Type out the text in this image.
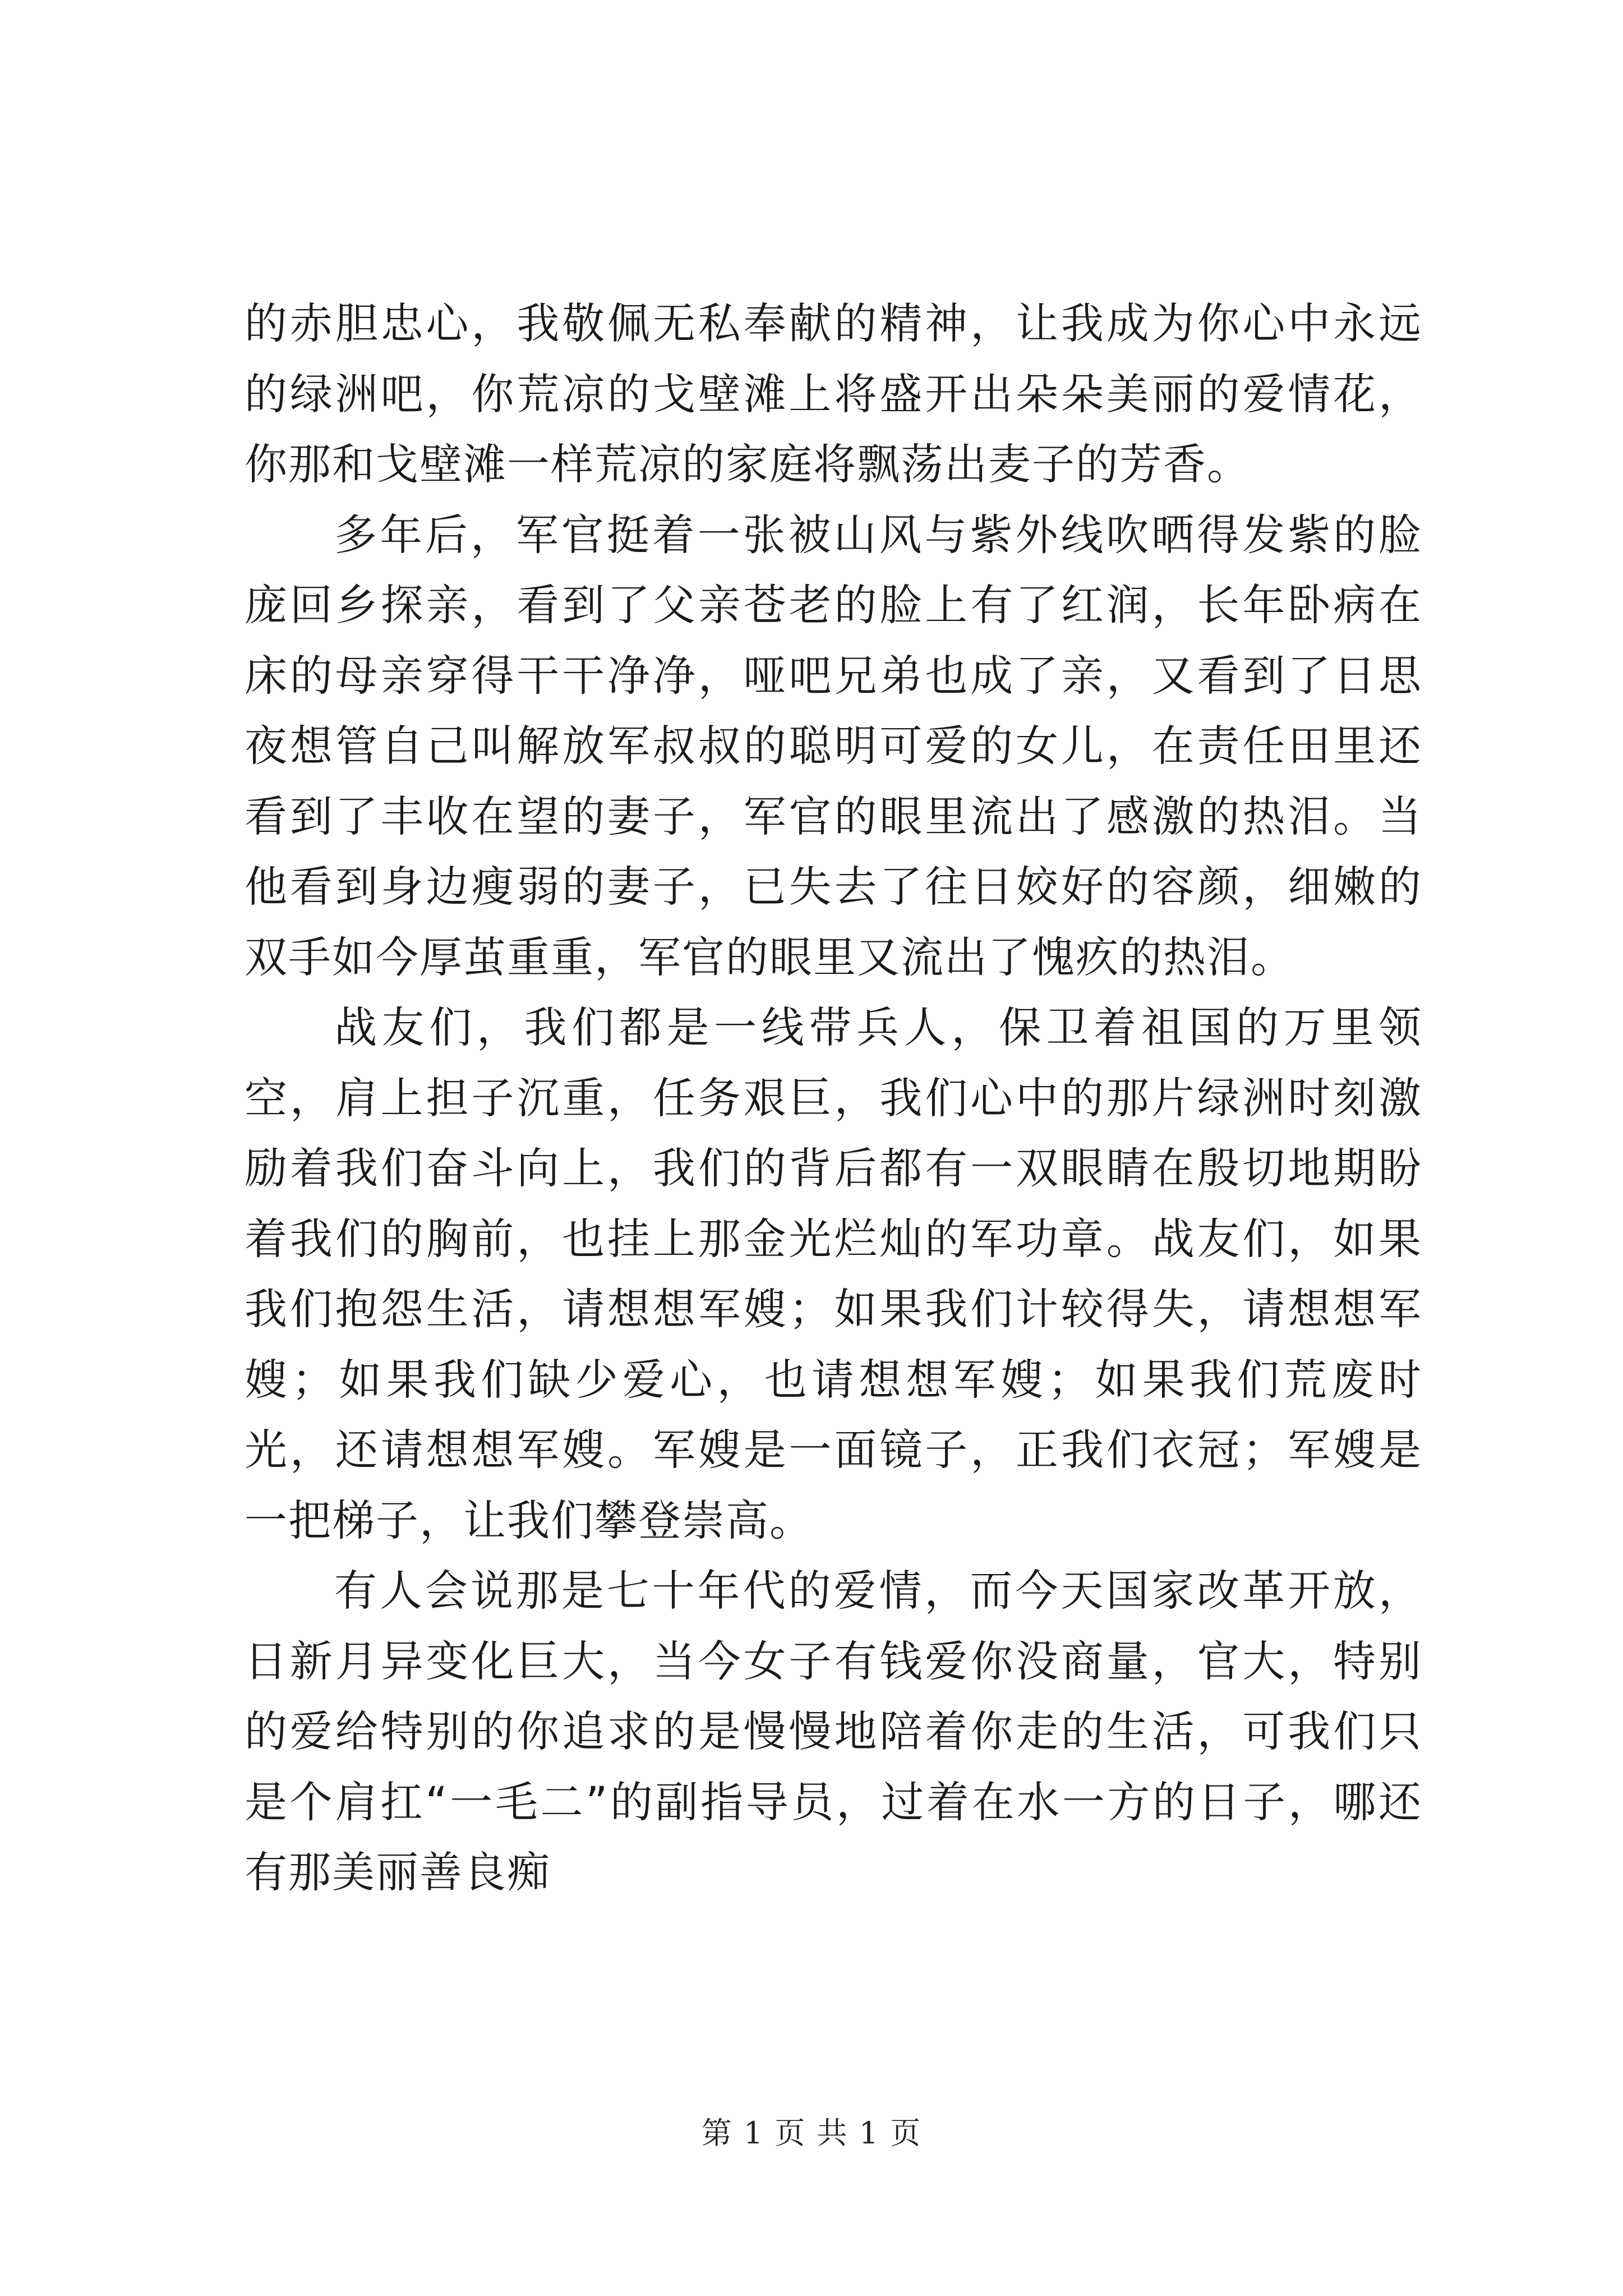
的赤胆忠心，我敬佩无私奉献的精神，让我成为你心中永远的绿洲吧，你荒凉的戈壁滩上将盛开出朵朵美丽的爱情花，你那和戈壁滩一样荒凉的家庭将飘荡出麦子的芳香。

多年后，军官挺着一张被山风与紫外线吹晒得发紫的脸庞回乡探亲，看到了父亲苍老的脸上有了红润，长年卧病在床的母亲穿得干干净净，哑吧兄弟也成了亲，又看到了日思夜想管自己叫解放军叔叔的聪明可爱的女儿，在责任田里还看到了丰收在望的妻子，军官的眼里流出了感激的热泪。当他看到身边瘦弱的妻子，已失去了往日姣好的容颜，细嫩的双手如今厚茧重重，军官的眼里又流出了愧疚的热泪。

战友们，我们都是一线带兵人，保卫着祖国的万里领空，肩上担子沉重，任务艰巨，我们心中的那片绿洲时刻激励着我们奋斗向上，我们的背后都有一双眼睛在殷切地期盼着我们的胸前，也挂上那金光烂灿的军功章。战友们，如果我们抱怨生活，请想想军嫂；如果我们计较得失，请想想军嫂；如果我们缺少爱心，也请想想军嫂；如果我们荒废时光，还请想想军嫂。军嫂是一面镜子，正我们衣冠；军嫂是一把梯子，让我们攀登崇高。

有人会说那是七十年代的爱情，而今天国家改革开放，日新月异变化巨大，当今女子有钱爱你没商量，官大，特别的爱给特别的你追求的是慢慢地陪着你走的生活，可我们只是个肩扛“一毛二”的副指导员，过着在水一方的日子，哪还有那美丽善良痴

第 1 页 共 1 页
